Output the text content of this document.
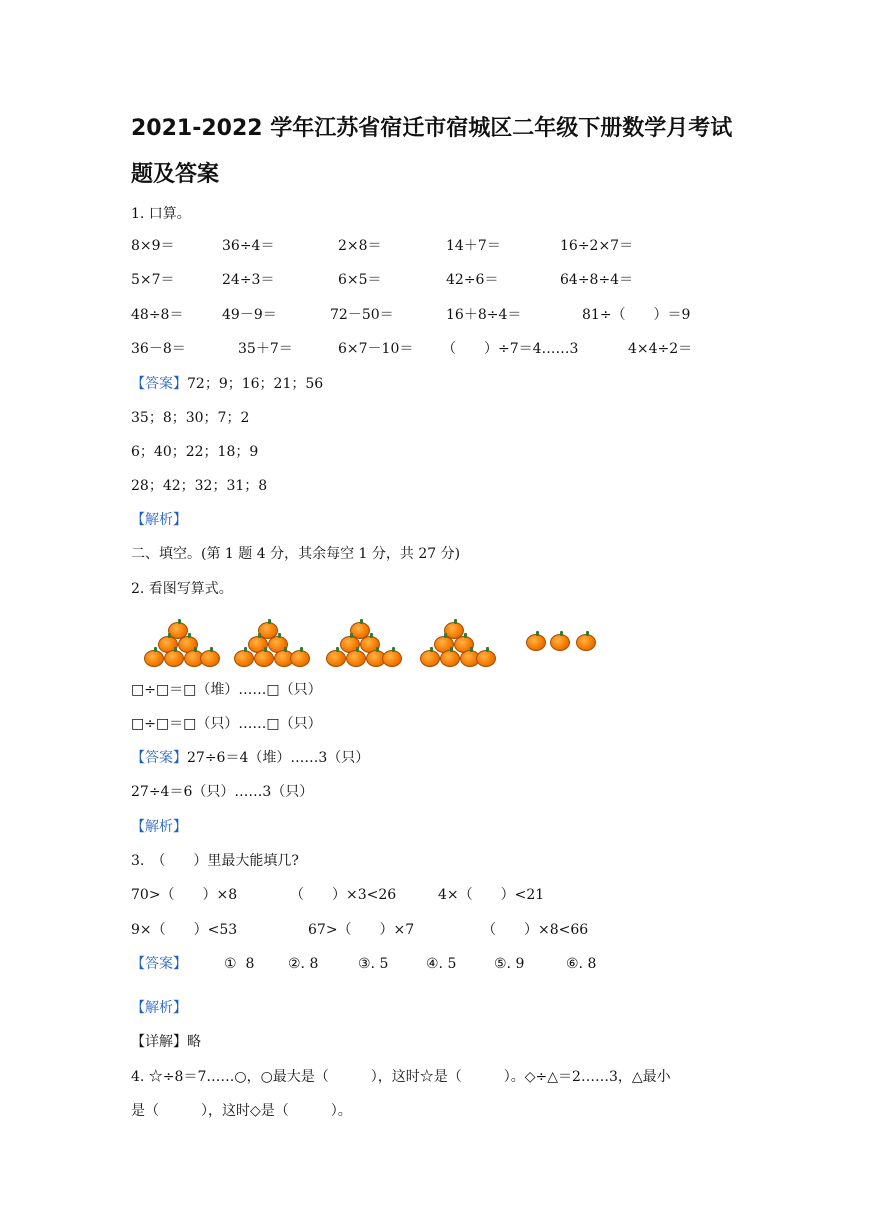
2021-2022 学年江苏省宿迁市宿城区二年级下册数学月考试
题及答案
1. 口算。
8×9＝	36÷4＝	2×8＝	14＋7＝	16÷2×7＝
5×7＝	24÷3＝	6×5＝	42÷6＝	64÷8÷4＝
48÷8＝	49－9＝	72－50＝	16＋8÷4＝	81÷（　　）＝9
36－8＝	35＋7＝	6×7－10＝ （　　）÷7＝4……3	4×4÷2＝
【答案】72；9；16；21；56
35；8；30；7；2
6；40；22；18；9
28；42；32；31；8
【解析】
二、填空。(第 1 题 4 分，其余每空 1 分，共 27 分)
2. 看图写算式。
□÷□＝□（堆）……□（只）
□÷□＝□（只）……□（只）
【答案】27÷6＝4（堆）……3（只）
27÷4＝6（只）……3（只）
【解析】
3.　（　　）里最大能填几?
70>（　　）×8	（　　）×3<26	4×（　　）<21
9×（　　）<53	67>（　　）×7	（　　）×8<66
【答案】	①  8 ②. 8	③. 5	④. 5	⑤. 9	⑥. 8
【解析】
【详解】略
4. ☆÷8＝7……○，○最大是（　　　），这时☆是（　　　）。◇÷△＝2……3，△最小
是（　　　），这时◇是（　　　）。
